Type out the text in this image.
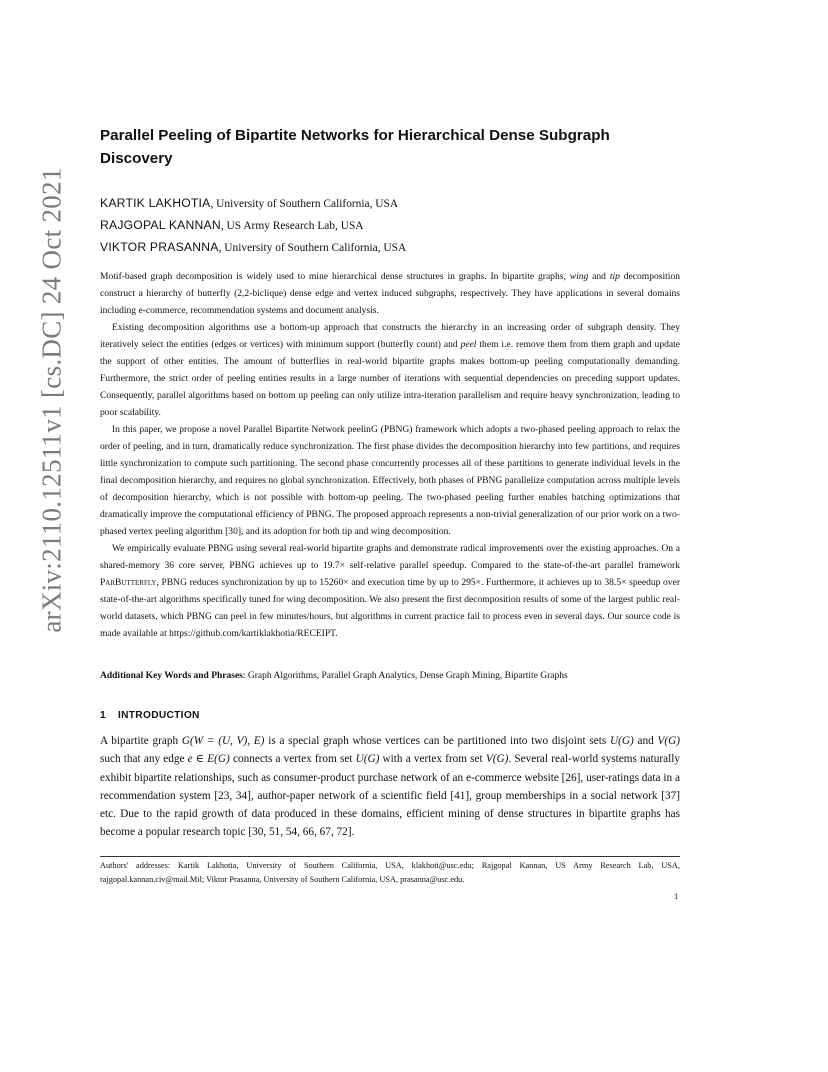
arXiv:2110.12511v1 [cs.DC] 24 Oct 2021
Parallel Peeling of Bipartite Networks for Hierarchical Dense Subgraph Discovery
KARTIK LAKHOTIA, University of Southern California, USA
RAJGOPAL KANNAN, US Army Research Lab, USA
VIKTOR PRASANNA, University of Southern California, USA

Motif-based graph decomposition is widely used to mine hierarchical dense structures in graphs. In bipartite graphs, wing and tip decomposition construct a hierarchy of butterfly (2,2-biclique) dense edge and vertex induced subgraphs, respectively. They have applications in several domains including e-commerce, recommendation systems and document analysis.

Existing decomposition algorithms use a bottom-up approach that constructs the hierarchy in an increasing order of subgraph density. They iteratively select the entities (edges or vertices) with minimum support (butterfly count) and peel them i.e. remove them from them graph and update the support of other entities. The amount of butterflies in real-world bipartite graphs makes bottom-up peeling computationally demanding. Furthermore, the strict order of peeling entities results in a large number of iterations with sequential dependencies on preceding support updates. Consequently, parallel algorithms based on bottom up peeling can only utilize intra-iteration parallelism and require heavy synchronization, leading to poor scalability.

In this paper, we propose a novel Parallel Bipartite Network peelinG (PBNG) framework which adopts a two-phased peeling approach to relax the order of peeling, and in turn, dramatically reduce synchronization. The first phase divides the decomposition hierarchy into few partitions, and requires little synchronization to compute such partitioning. The second phase concurrently processes all of these partitions to generate individual levels in the final decomposition hierarchy, and requires no global synchronization. Effectively, both phases of PBNG parallelize computation across multiple levels of decomposition hierarchy, which is not possible with bottom-up peeling. The two-phased peeling further enables batching optimizations that dramatically improve the computational efficiency of PBNG. The proposed approach represents a non-trivial generalization of our prior work on a two-phased vertex peeling algorithm [30], and its adoption for both tip and wing decomposition.

We empirically evaluate PBNG using several real-world bipartite graphs and demonstrate radical improvements over the existing approaches. On a shared-memory 36 core server, PBNG achieves up to 19.7× self-relative parallel speedup. Compared to the state-of-the-art parallel framework ParButterfly, PBNG reduces synchronization by up to 15260× and execution time by up to 295×. Furthermore, it achieves up to 38.5× speedup over state-of-the-art algorithms specifically tuned for wing decomposition. We also present the first decomposition results of some of the largest public real-world datasets, which PBNG can peel in few minutes/hours, but algorithms in current practice fail to process even in several days. Our source code is made available at https://github.com/kartiklakhotia/RECEIPT.

Additional Key Words and Phrases: Graph Algorithms, Parallel Graph Analytics, Dense Graph Mining, Bipartite Graphs
1 INTRODUCTION

A bipartite graph G(W = (U, V), E) is a special graph whose vertices can be partitioned into two disjoint sets U(G) and V(G) such that any edge e ∈ E(G) connects a vertex from set U(G) with a vertex from set V(G). Several real-world systems naturally exhibit bipartite relationships, such as consumer-product purchase network of an e-commerce website [26], user-ratings data in a recommendation system [23, 34], author-paper network of a scientific field [41], group memberships in a social network [37] etc. Due to the rapid growth of data produced in these domains, efficient mining of dense structures in bipartite graphs has become a popular research topic [30, 51, 54, 66, 67, 72].

Authors' addresses: Kartik Lakhotia, University of Southern California, USA, klakhoti@usc.edu; Rajgopal Kannan, US Army Research Lab, USA, rajgopal.kannan.civ@mail.Mil; Viktor Prasanna, University of Southern California, USA, prasanna@usc.edu.

1
